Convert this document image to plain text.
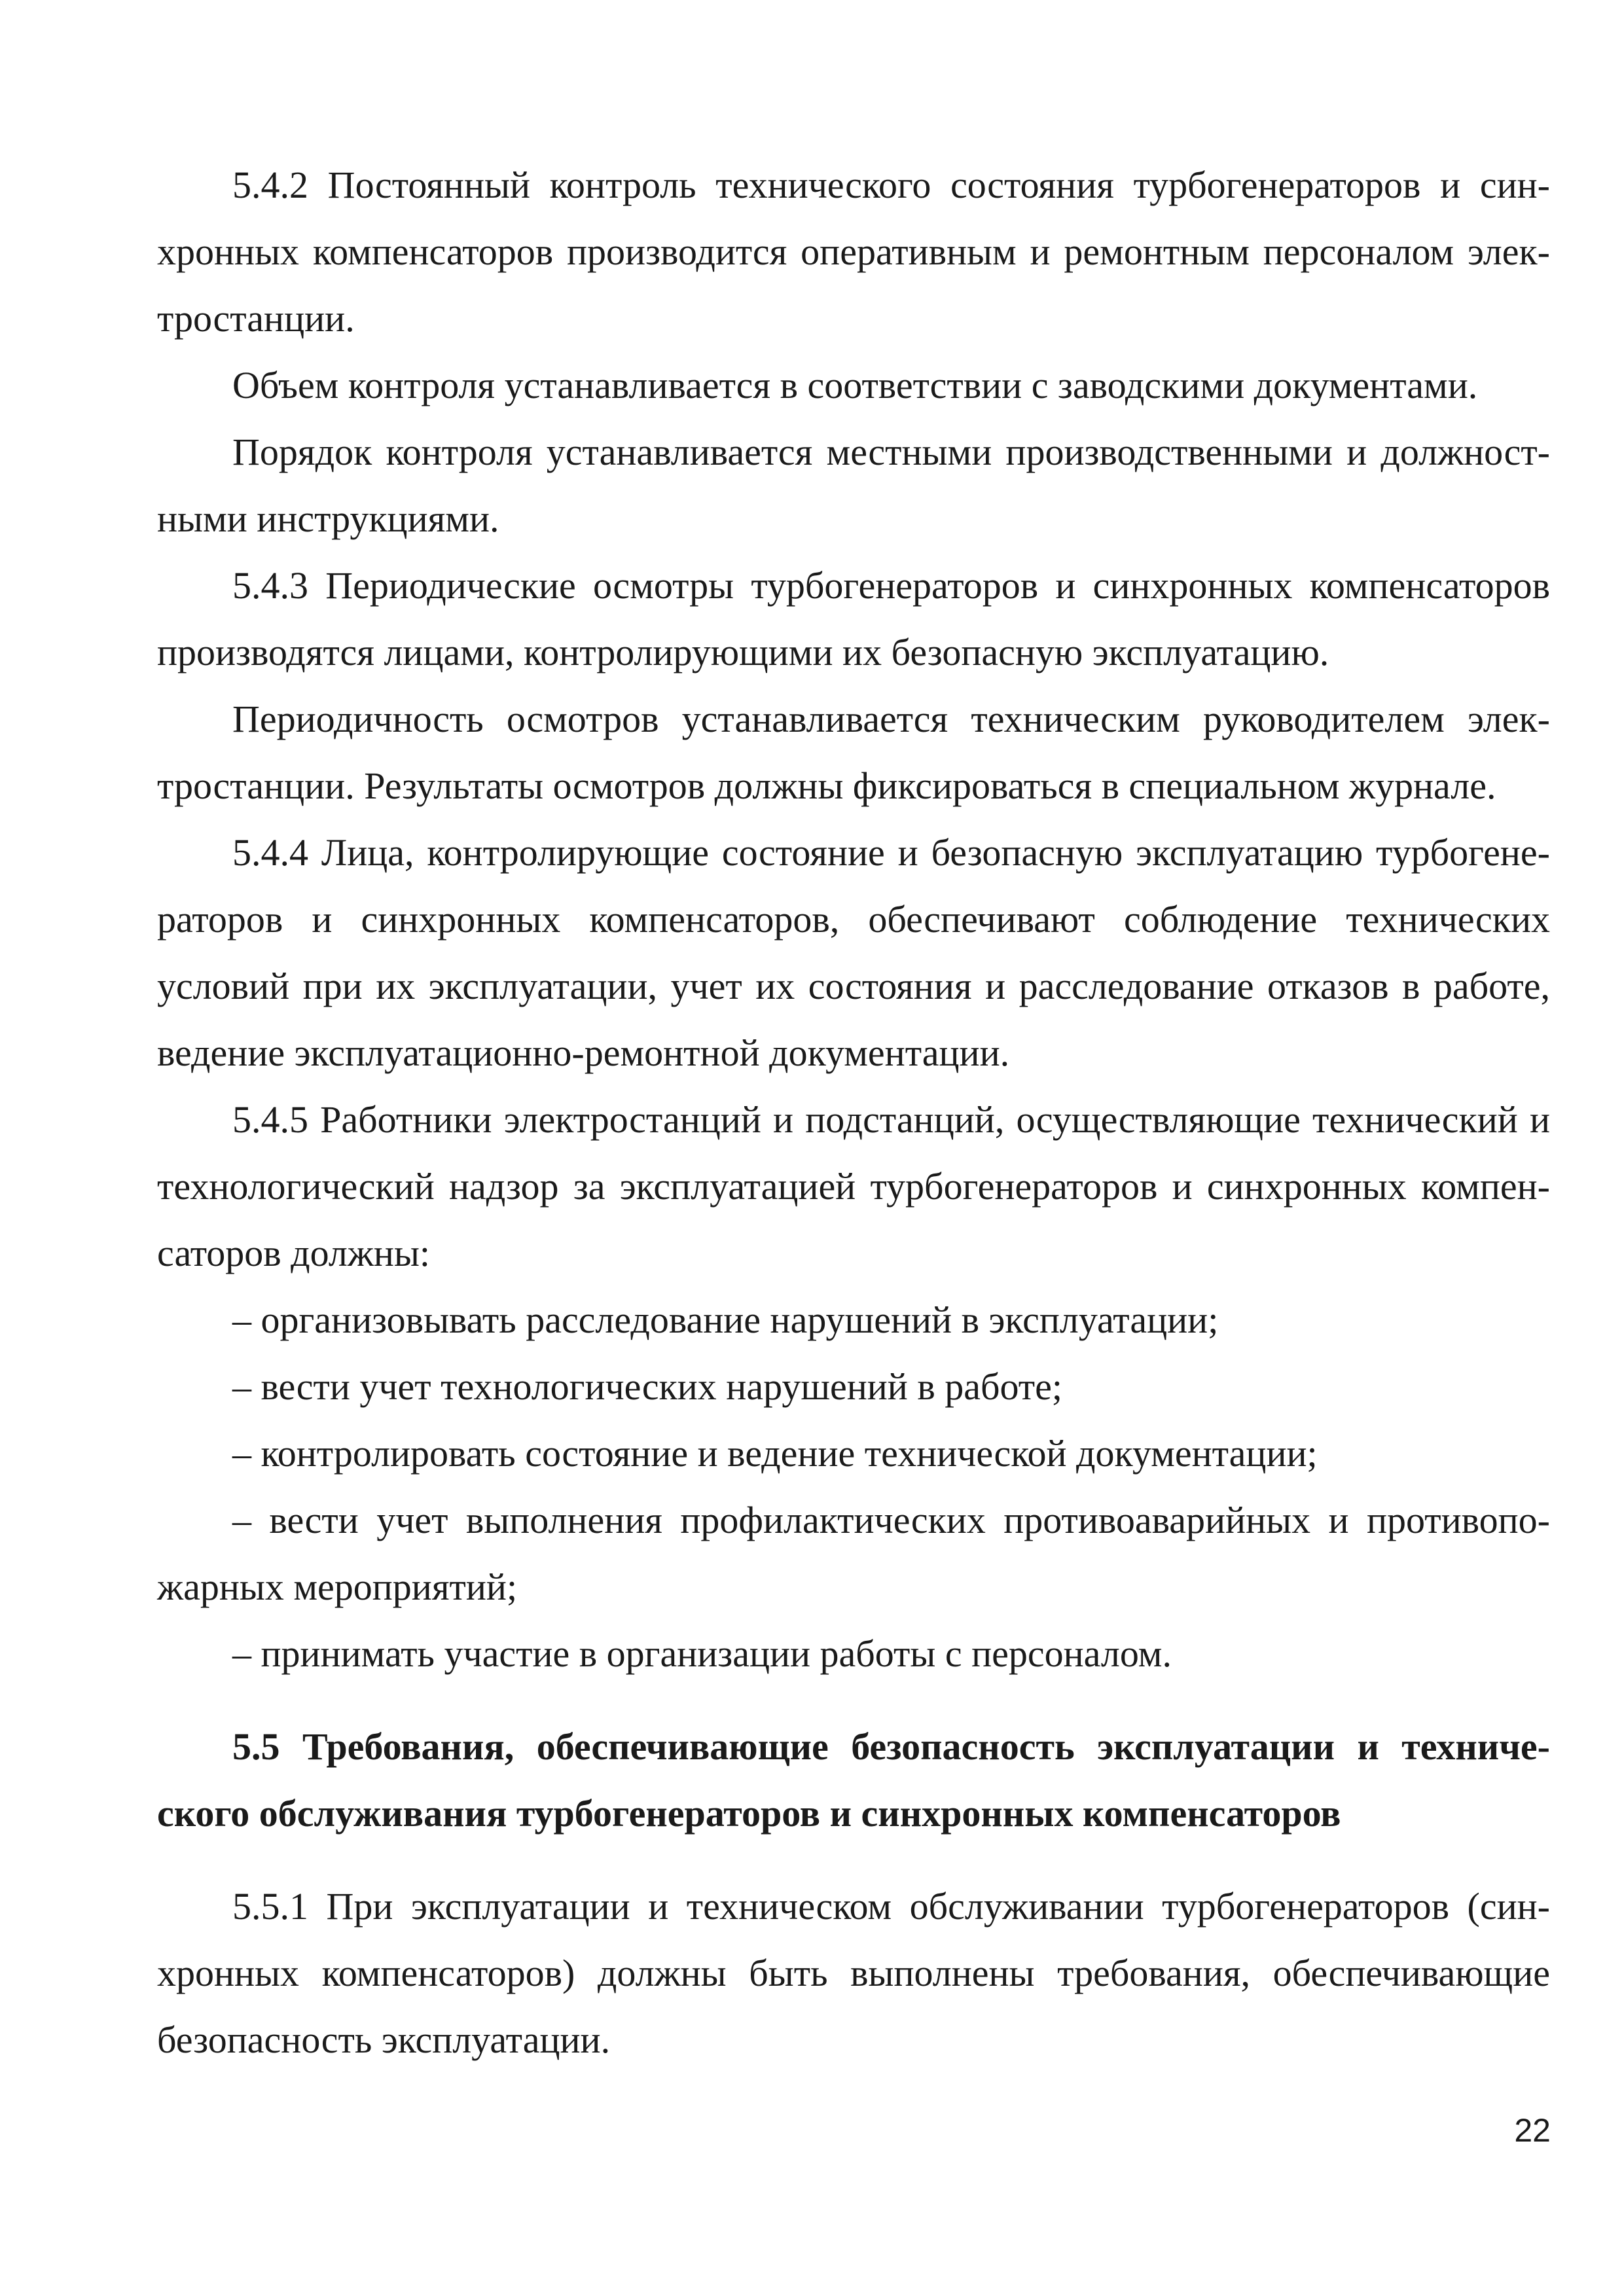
5.4.2 Постоянный контроль технического состояния турбогенераторов и синхронных компенсаторов производится оперативным и ремонтным персоналом электростанции.

Объем контроля устанавливается в соответствии с заводскими документами.

Порядок контроля устанавливается местными производственными и должностными инструкциями.

5.4.3 Периодические осмотры турбогенераторов и синхронных компенсаторов производятся лицами, контролирующими их безопасную эксплуатацию.

Периодичность осмотров устанавливается техническим руководителем электростанции. Результаты осмотров должны фиксироваться в специальном журнале.

5.4.4 Лица, контролирующие состояние и безопасную эксплуатацию турбогенераторов и синхронных компенсаторов, обеспечивают соблюдение технических условий при их эксплуатации, учет их состояния и расследование отказов в работе, ведение эксплуатационно-ремонтной документации.

5.4.5 Работники электростанций и подстанций, осуществляющие технический и технологический надзор за эксплуатацией турбогенераторов и синхронных компенсаторов должны:

– организовывать расследование нарушений в эксплуатации;

– вести учет технологических нарушений в работе;

– контролировать состояние и ведение технической документации;

– вести учет выполнения профилактических противоаварийных и противопожарных мероприятий;

– принимать участие в организации работы с персоналом.

5.5 Требования, обеспечивающие безопасность эксплуатации и технического обслуживания турбогенераторов и синхронных компенсаторов

5.5.1 При эксплуатации и техническом обслуживании турбогенераторов (синхронных компенсаторов) должны быть выполнены требования, обеспечивающие безопасность эксплуатации.

22
